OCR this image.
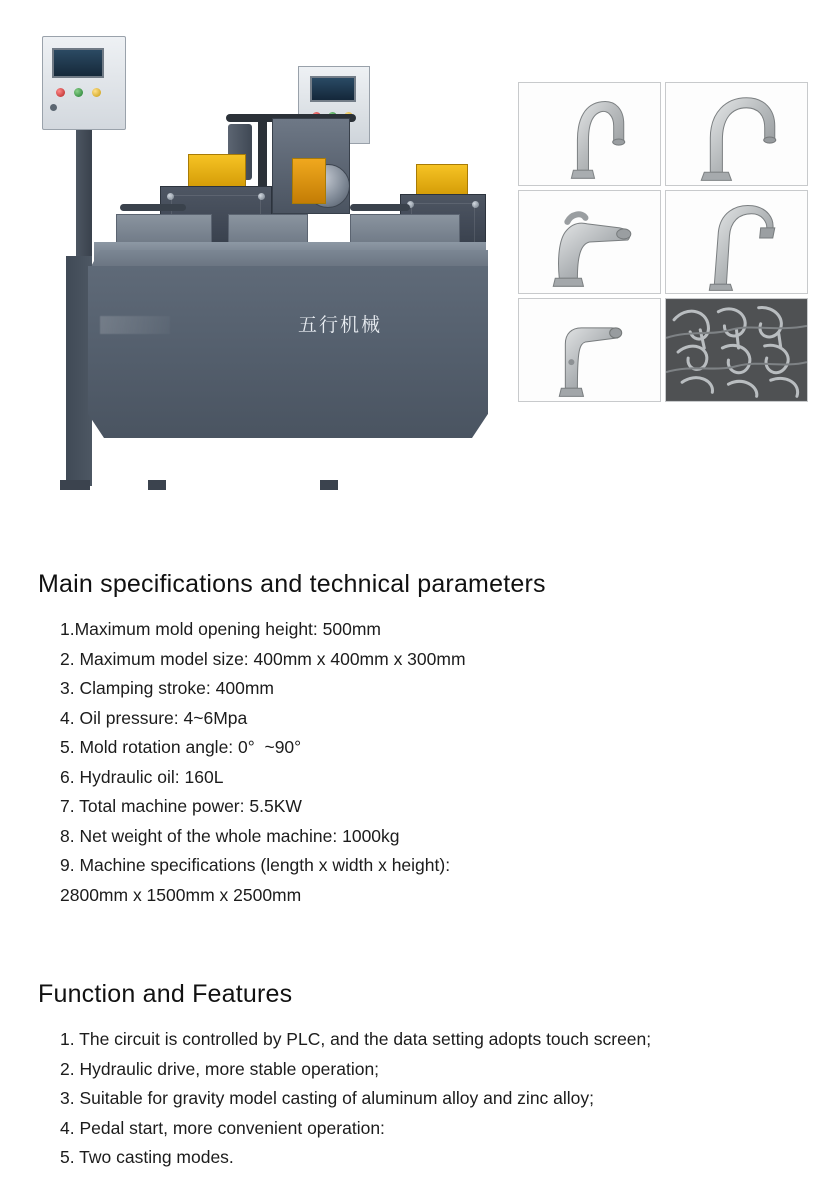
五行机械
Main specifications and technical parameters
1.Maximum mold opening height: 500mm
2. Maximum model size: 400mm x 400mm x 300mm
3. Clamping stroke: 400mm
4. Oil pressure: 4~6Mpa
5. Mold rotation angle: 0°  ~90°
6. Hydraulic oil: 160L
7. Total machine power: 5.5KW
8. Net weight of the whole machine: 1000kg
9. Machine specifications (length x width x height):
2800mm x 1500mm x 2500mm
Function and Features
1. The circuit is controlled by PLC, and the data setting adopts touch screen;
2. Hydraulic drive, more stable operation;
3. Suitable for gravity model casting of aluminum alloy and zinc alloy;
4. Pedal start, more convenient operation:
5. Two casting modes.
